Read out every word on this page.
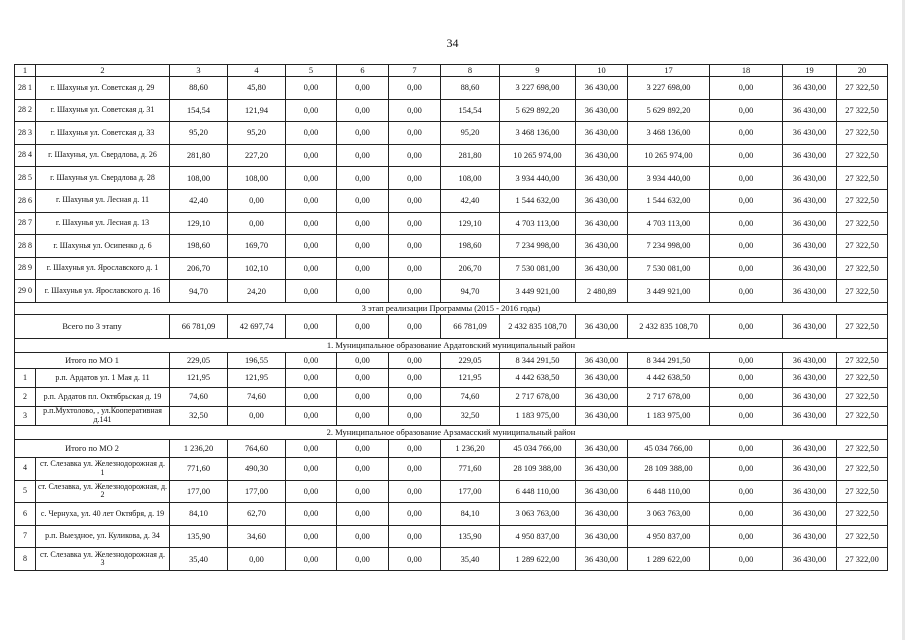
34
1	2	3	4	5	6	7	8	9	10	17	18	19	20
28 1	г. Шахунья ул. Советская д. 29	88,60	45,80	0,00	0,00	0,00	88,60	3 227 698,00	36 430,00	3 227 698,00	0,00	36 430,00	27 322,50
28 2	г. Шахунья ул. Советская д. 31	154,54	121,94	0,00	0,00	0,00	154,54	5 629 892,20	36 430,00	5 629 892,20	0,00	36 430,00	27 322,50
28 3	г. Шахунья ул. Советская д. 33	95,20	95,20	0,00	0,00	0,00	95,20	3 468 136,00	36 430,00	3 468 136,00	0,00	36 430,00	27 322,50
28 4	г. Шахунья, ул. Свердлова, д. 26	281,80	227,20	0,00	0,00	0,00	281,80	10 265 974,00	36 430,00	10 265 974,00	0,00	36 430,00	27 322,50
28 5	г. Шахунья ул. Свердлова д. 28	108,00	108,00	0,00	0,00	0,00	108,00	3 934 440,00	36 430,00	3 934 440,00	0,00	36 430,00	27 322,50
28 6	г. Шахунья ул. Лесная д. 11	42,40	0,00	0,00	0,00	0,00	42,40	1 544 632,00	36 430,00	1 544 632,00	0,00	36 430,00	27 322,50
28 7	г. Шахунья ул. Лесная д. 13	129,10	0,00	0,00	0,00	0,00	129,10	4 703 113,00	36 430,00	4 703 113,00	0,00	36 430,00	27 322,50
28 8	г. Шахунья ул. Осипенко д. 6	198,60	169,70	0,00	0,00	0,00	198,60	7 234 998,00	36 430,00	7 234 998,00	0,00	36 430,00	27 322,50
28 9	г. Шахунья ул. Ярославского д. 1	206,70	102,10	0,00	0,00	0,00	206,70	7 530 081,00	36 430,00	7 530 081,00	0,00	36 430,00	27 322,50
29 0	г. Шахунья ул. Ярославского д. 16	94,70	24,20	0,00	0,00	0,00	94,70	3 449 921,00	2 480,89	3 449 921,00	0,00	36 430,00	27 322,50
3 этап реализации Программы (2015 - 2016 годы)													
Всего по 3 этапу		66 781,09	42 697,74	0,00	0,00	0,00	66 781,09	2 432 835 108,70	36 430,00	2 432 835 108,70	0,00	36 430,00	27 322,50
1. Муниципальное образование Ардатовский муниципальный район													
Итого по МО 1		229,05	196,55	0,00	0,00	0,00	229,05	8 344 291,50	36 430,00	8 344 291,50	0,00	36 430,00	27 322,50
1	р.п. Ардатов ул. 1 Мая д. 11	121,95	121,95	0,00	0,00	0,00	121,95	4 442 638,50	36 430,00	4 442 638,50	0,00	36 430,00	27 322,50
2	р.п. Ардатов пл. Октябрьская д. 19	74,60	74,60	0,00	0,00	0,00	74,60	2 717 678,00	36 430,00	2 717 678,00	0,00	36 430,00	27 322,50
3	р.п.Мухтолово, , ул.Кооперативная д.141	32,50	0,00	0,00	0,00	0,00	32,50	1 183 975,00	36 430,00	1 183 975,00	0,00	36 430,00	27 322,50
2. Муниципальное образование Арзамасский муниципальный район													
Итого по МО 2		1 236,20	764,60	0,00	0,00	0,00	1 236,20	45 034 766,00	36 430,00	45 034 766,00	0,00	36 430,00	27 322,50
4	ст. Слезавка ул. Железнодорожная д. 1	771,60	490,30	0,00	0,00	0,00	771,60	28 109 388,00	36 430,00	28 109 388,00	0,00	36 430,00	27 322,50
5	ст. Слезавка, ул. Железнодорожная, д. 2	177,00	177,00	0,00	0,00	0,00	177,00	6 448 110,00	36 430,00	6 448 110,00	0,00	36 430,00	27 322,50
6	с. Чернуха, ул. 40 лет Октября, д. 19	84,10	62,70	0,00	0,00	0,00	84,10	3 063 763,00	36 430,00	3 063 763,00	0,00	36 430,00	27 322,50
7	р.п. Выездное, ул. Куликова, д. 34	135,90	34,60	0,00	0,00	0,00	135,90	4 950 837,00	36 430,00	4 950 837,00	0,00	36 430,00	27 322,50
8	ст. Слезавка ул. Железнодорожная д. 3	35,40	0,00	0,00	0,00	0,00	35,40	1 289 622,00	36 430,00	1 289 622,00	0,00	36 430,00	27 322,00
